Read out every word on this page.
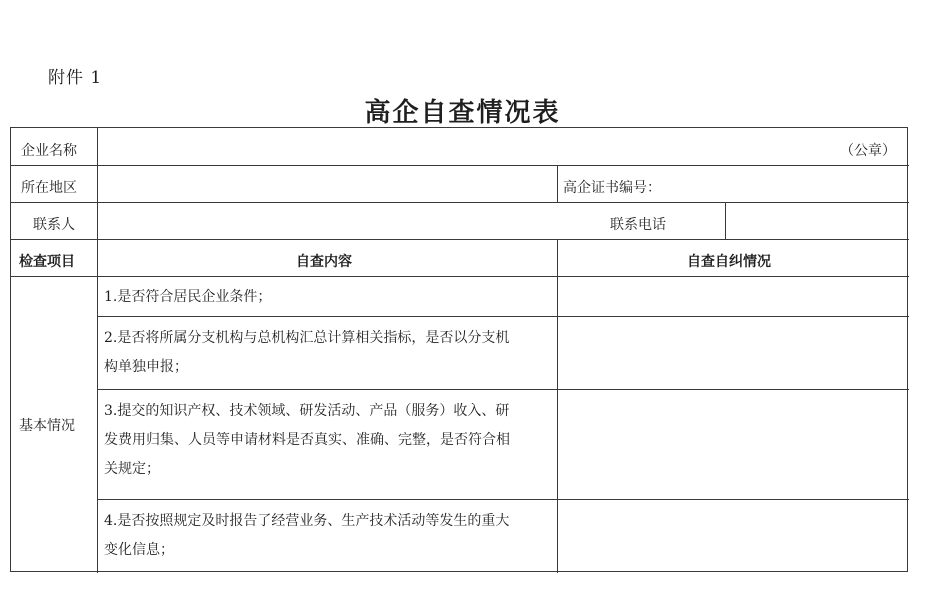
附件 1
高企自查情况表
企业名称	（公章）
所在地区	高企证书编号：
联系人	联系电话
检查项目	自查内容	自查自纠情况
基本情况
1.是否符合居民企业条件；
2.是否将所属分支机构与总机构汇总计算相关指标，是否以分支机
构单独申报；
3.提交的知识产权、技术领域、研发活动、产品（服务）收入、研
发费用归集、人员等申请材料是否真实、准确、完整，是否符合相
关规定；
4.是否按照规定及时报告了经营业务、生产技术活动等发生的重大
变化信息；
